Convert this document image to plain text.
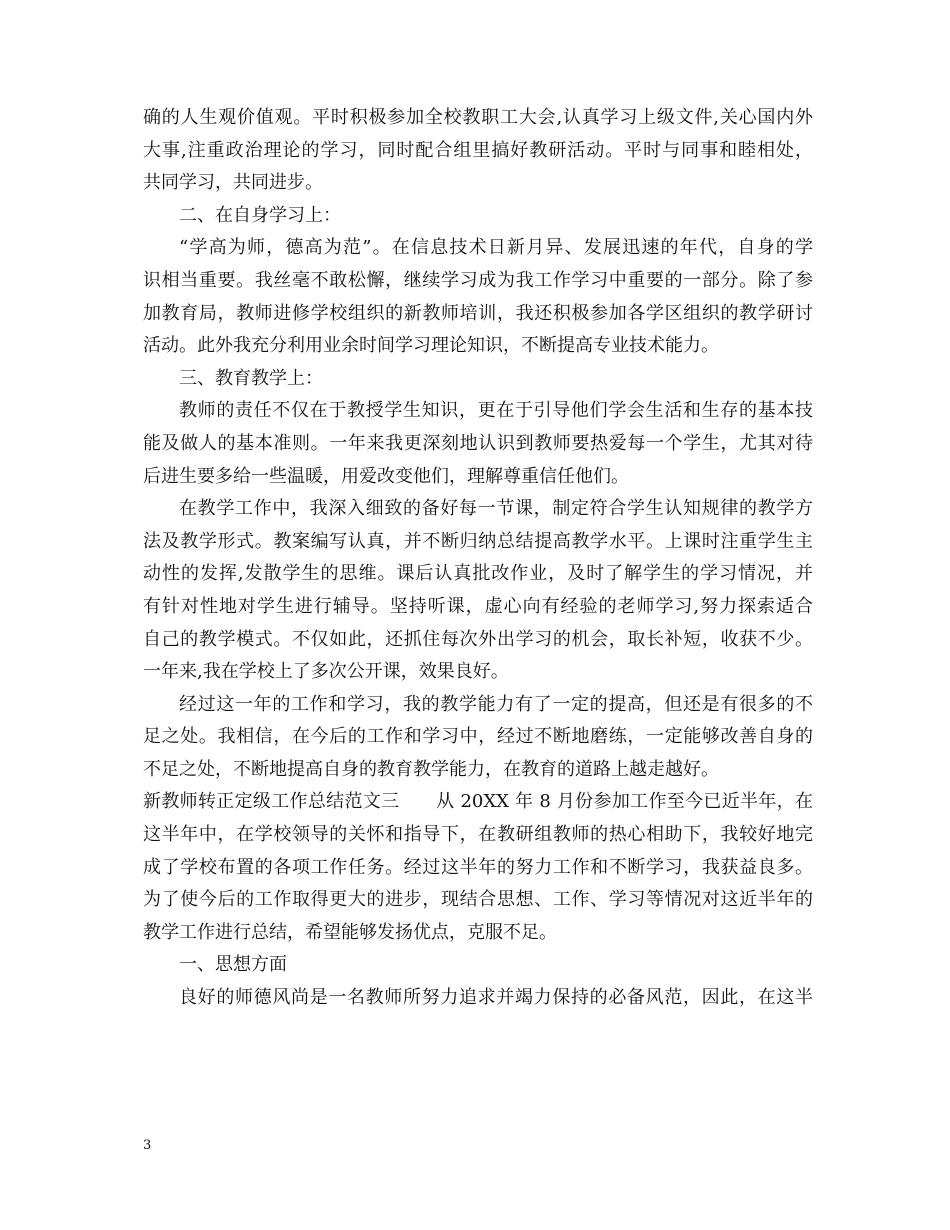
确的人生观价值观。平时积极参加全校教职工大会,认真学习上级文件,关心国内外
大事,注重政治理论的学习，同时配合组里搞好教研活动。平时与同事和睦相处，
共同学习，共同进步。
二、在自身学习上：
“学高为师，德高为范”。在信息技术日新月异、发展迅速的年代，自身的学
识相当重要。我丝毫不敢松懈，继续学习成为我工作学习中重要的一部分。除了参
加教育局，教师进修学校组织的新教师培训，我还积极参加各学区组织的教学研讨
活动。此外我充分利用业余时间学习理论知识，不断提高专业技术能力。
三、教育教学上：
教师的责任不仅在于教授学生知识，更在于引导他们学会生活和生存的基本技
能及做人的基本准则。一年来我更深刻地认识到教师要热爱每一个学生，尤其对待
后进生要多给一些温暖，用爱改变他们，理解尊重信任他们。
在教学工作中，我深入细致的备好每一节课，制定符合学生认知规律的教学方
法及教学形式。教案编写认真，并不断归纳总结提高教学水平。上课时注重学生主
动性的发挥,发散学生的思维。课后认真批改作业，及时了解学生的学习情况，并
有针对性地对学生进行辅导。坚持听课，虚心向有经验的老师学习,努力探索适合
自己的教学模式。不仅如此，还抓住每次外出学习的机会，取长补短，收获不少。
一年来,我在学校上了多次公开课，效果良好。
经过这一年的工作和学习，我的教学能力有了一定的提高，但还是有很多的不
足之处。我相信，在今后的工作和学习中，经过不断地磨练，一定能够改善自身的
不足之处，不断地提高自身的教育教学能力，在教育的道路上越走越好。
新教师转正定级工作总结范文三　　从 20XX 年 8 月份参加工作至今已近半年，在
这半年中，在学校领导的关怀和指导下，在教研组教师的热心相助下，我较好地完
成了学校布置的各项工作任务。经过这半年的努力工作和不断学习，我获益良多。
为了使今后的工作取得更大的进步，现结合思想、工作、学习等情况对这近半年的
教学工作进行总结，希望能够发扬优点，克服不足。
一、思想方面
良好的师德风尚是一名教师所努力追求并竭力保持的必备风范，因此，在这半
3
